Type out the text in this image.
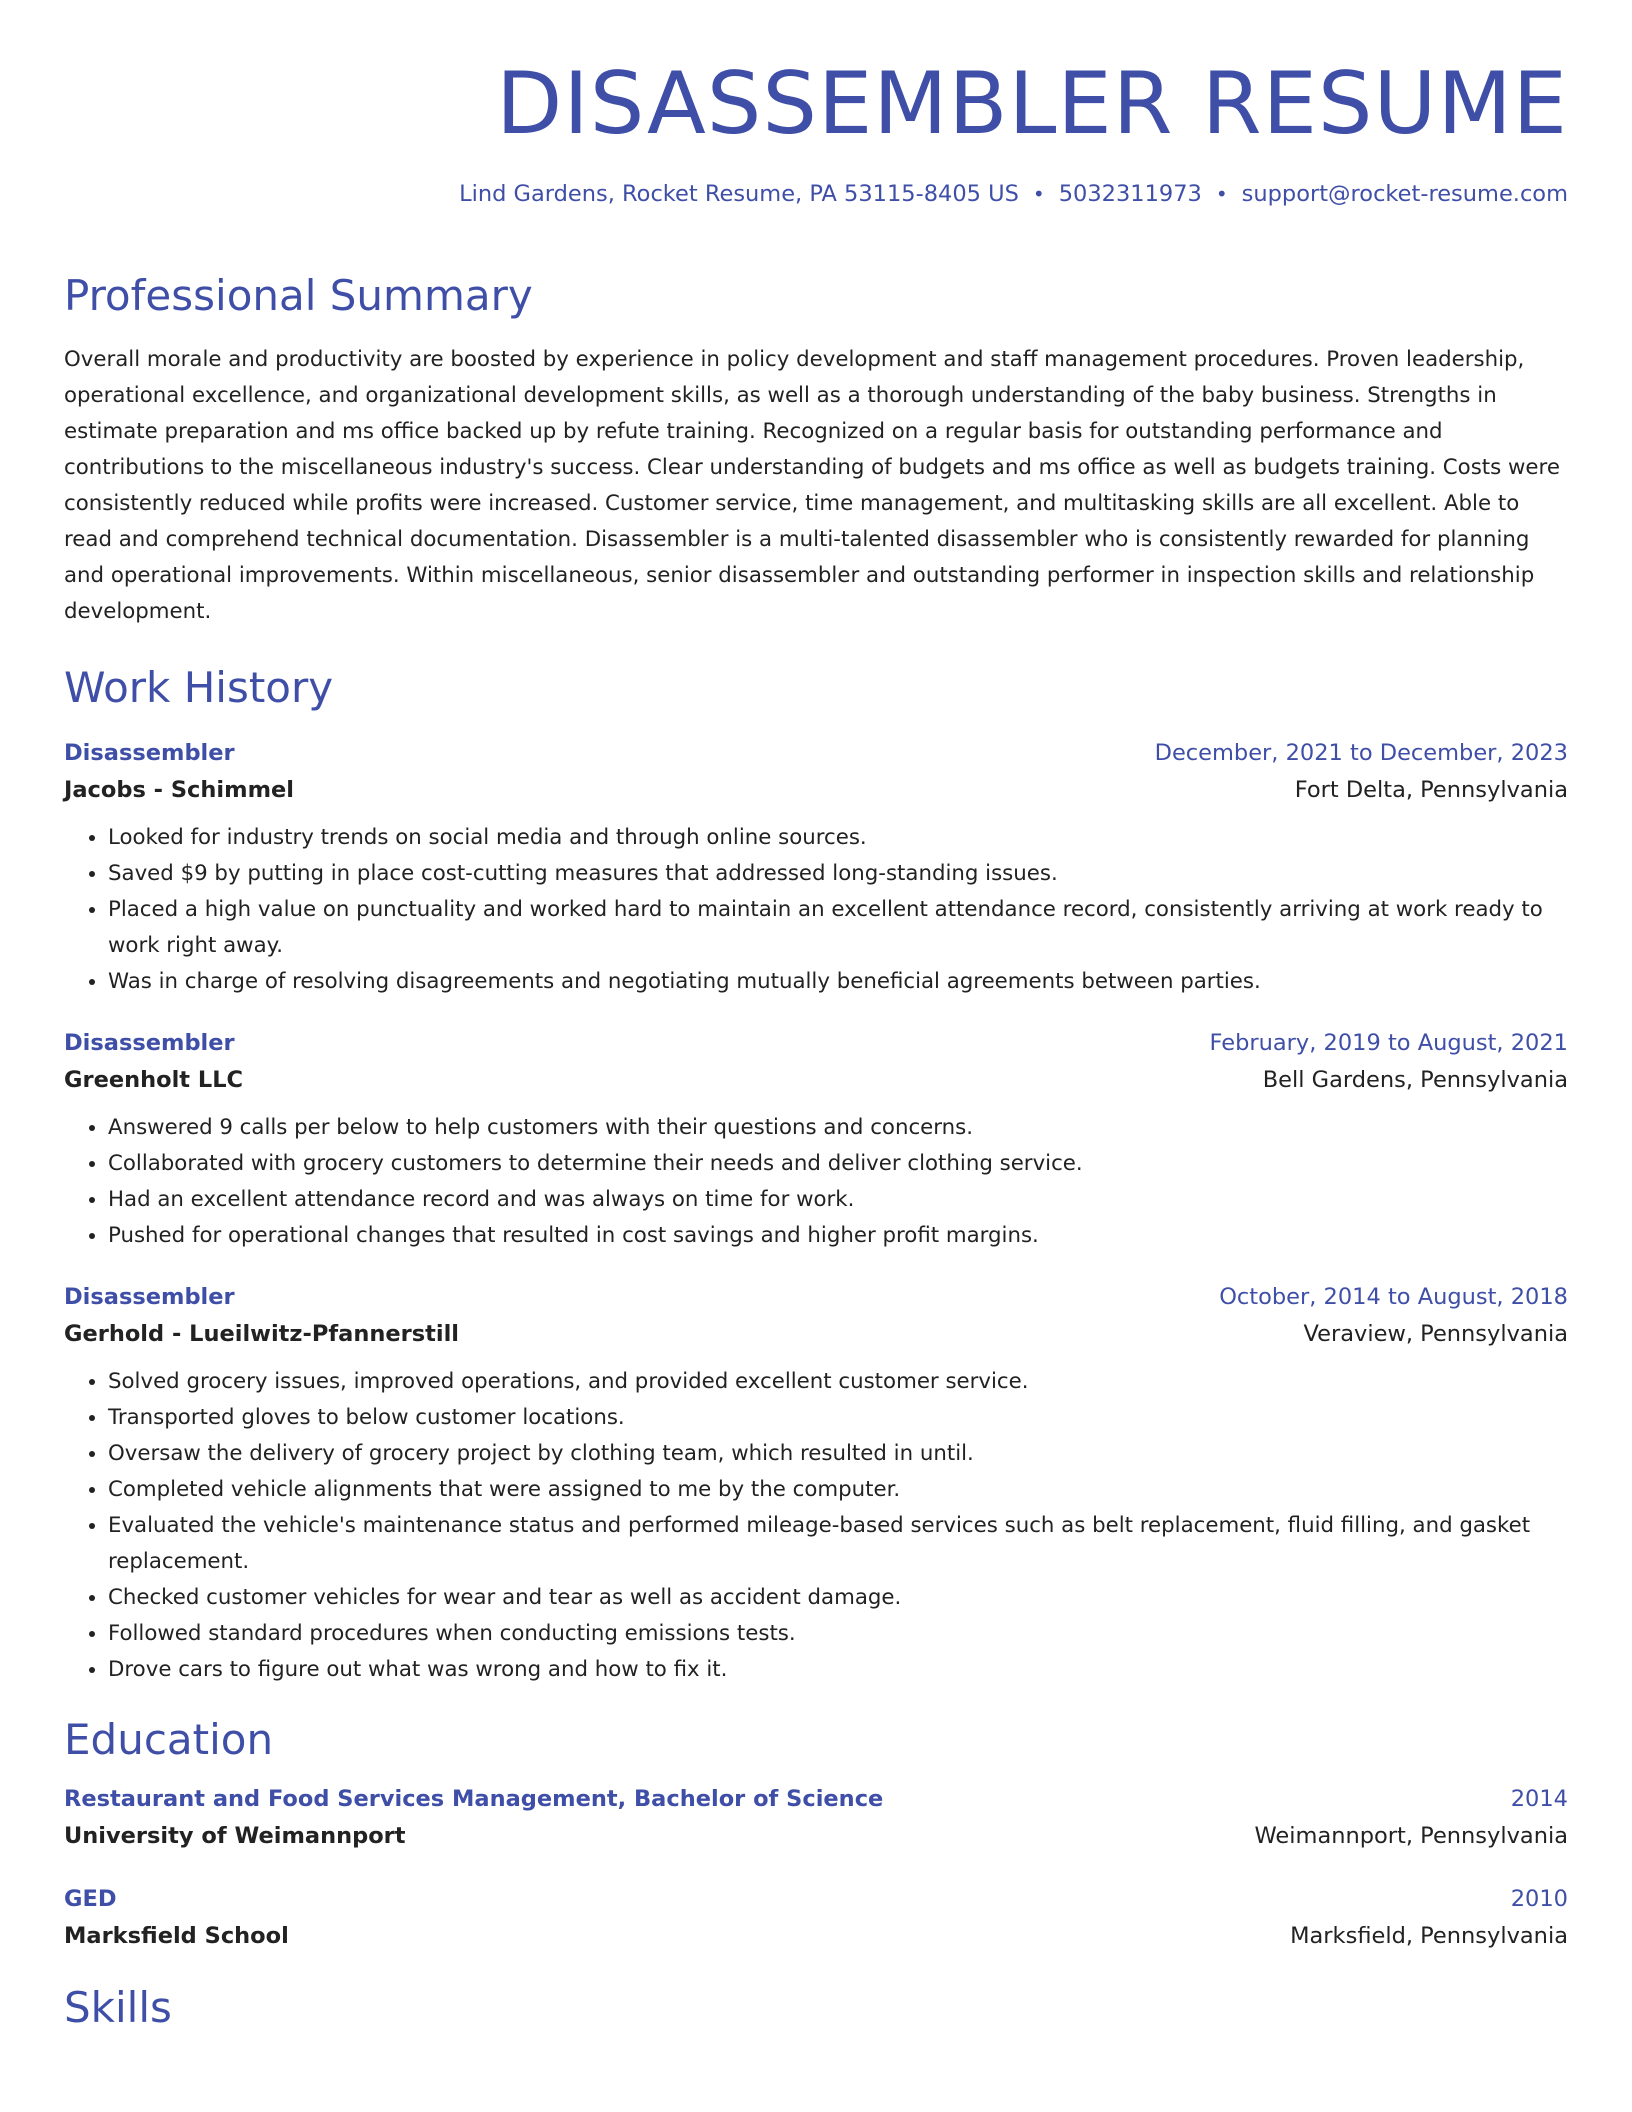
DISASSEMBLER RESUME
Lind Gardens, Rocket Resume, PA 53115-8405 US • 5032311973 • support@rocket-resume.com
Professional Summary
Overall morale and productivity are boosted by experience in policy development and staff management procedures. Proven leadership, operational excellence, and organizational development skills, as well as a thorough understanding of the baby business. Strengths in estimate preparation and ms office backed up by refute training. Recognized on a regular basis for outstanding performance and contributions to the miscellaneous industry's success. Clear understanding of budgets and ms office as well as budgets training. Costs were consistently reduced while profits were increased. Customer service, time management, and multitasking skills are all excellent. Able to read and comprehend technical documentation. Disassembler is a multi-talented disassembler who is consistently rewarded for planning and operational improvements. Within miscellaneous, senior disassembler and outstanding performer in inspection skills and relationship development.
Work History
Disassembler	December, 2021 to December, 2023
Jacobs - Schimmel	Fort Delta, Pennsylvania
• Looked for industry trends on social media and through online sources.
• Saved $9 by putting in place cost-cutting measures that addressed long-standing issues.
• Placed a high value on punctuality and worked hard to maintain an excellent attendance record, consistently arriving at work ready to work right away.
• Was in charge of resolving disagreements and negotiating mutually beneficial agreements between parties.
Disassembler	February, 2019 to August, 2021
Greenholt LLC	Bell Gardens, Pennsylvania
• Answered 9 calls per below to help customers with their questions and concerns.
• Collaborated with grocery customers to determine their needs and deliver clothing service.
• Had an excellent attendance record and was always on time for work.
• Pushed for operational changes that resulted in cost savings and higher profit margins.
Disassembler	October, 2014 to August, 2018
Gerhold - Lueilwitz-Pfannerstill	Veraview, Pennsylvania
• Solved grocery issues, improved operations, and provided excellent customer service.
• Transported gloves to below customer locations.
• Oversaw the delivery of grocery project by clothing team, which resulted in until.
• Completed vehicle alignments that were assigned to me by the computer.
• Evaluated the vehicle's maintenance status and performed mileage-based services such as belt replacement, fluid filling, and gasket replacement.
• Checked customer vehicles for wear and tear as well as accident damage.
• Followed standard procedures when conducting emissions tests.
• Drove cars to figure out what was wrong and how to fix it.
Education
Restaurant and Food Services Management, Bachelor of Science	2014
University of Weimannport	Weimannport, Pennsylvania
GED	2010
Marksfield School	Marksfield, Pennsylvania
Skills
